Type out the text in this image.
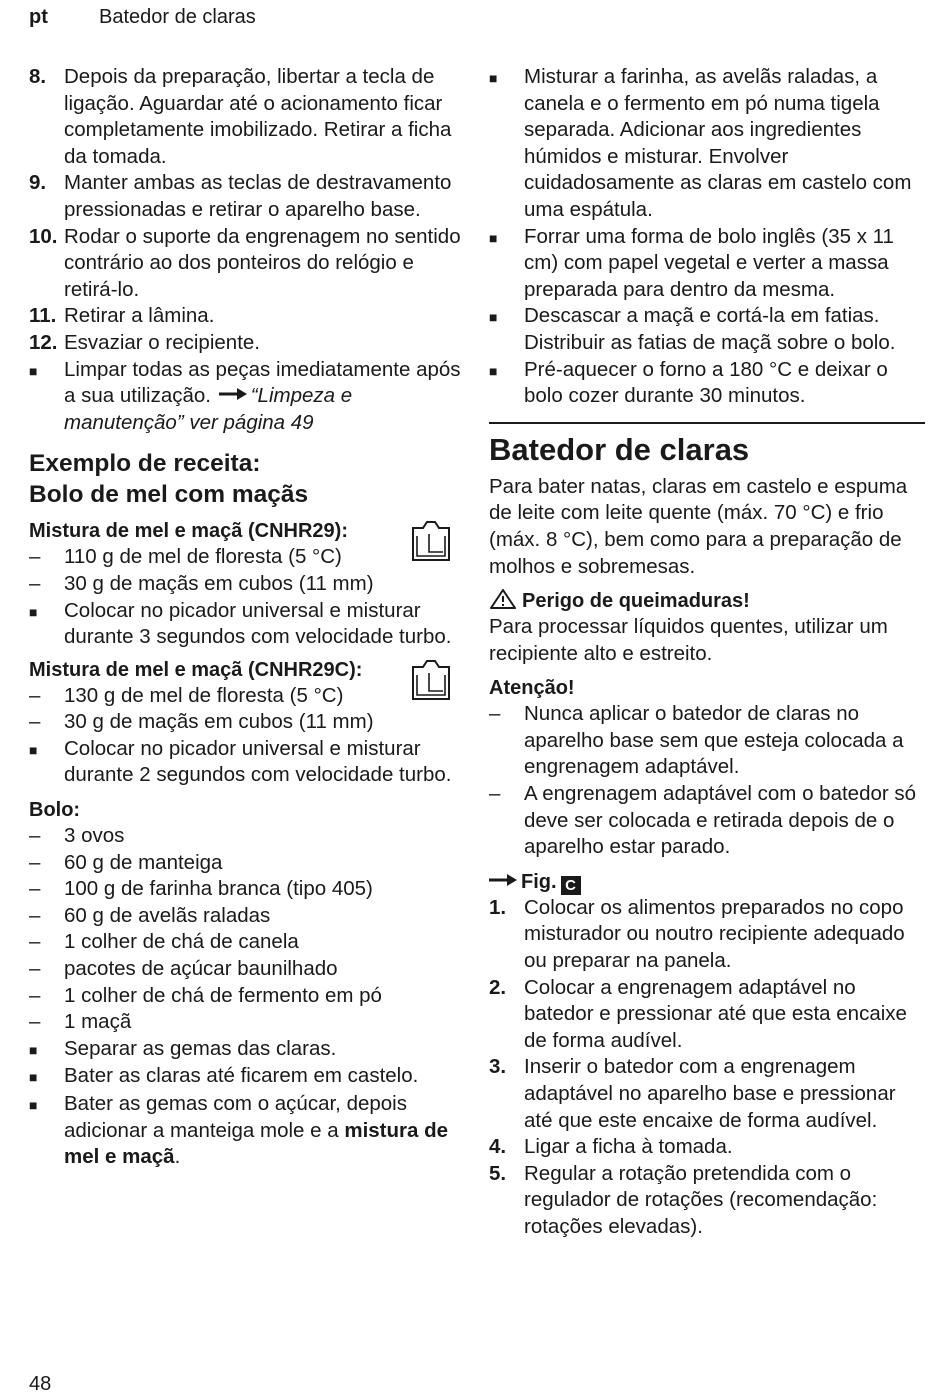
pt	Batedor de claras
8. Depois da preparação, libertar a tecla de ligação. Aguardar até o acionamento ficar completamente imobilizado. Retirar a ficha da tomada.
9. Manter ambas as teclas de destravamento pressionadas e retirar o aparelho base.
10. Rodar o suporte da engrenagem no sentido contrário ao dos ponteiros do relógio e retirá-lo.
11. Retirar a lâmina.
12. Esvaziar o recipiente.
■	Limpar todas as peças imediatamente após a sua utilização. “Limpeza e manutenção” ver página 49
Exemplo de receita:
Bolo de mel com maçãs
Mistura de mel e maçã (CNHR29):
–	110 g de mel de floresta (5 °C)
–	30 g de maçãs em cubos (11 mm)
■	Colocar no picador universal e misturar durante 3 segundos com velocidade turbo.
Mistura de mel e maçã (CNHR29C):
–	130 g de mel de floresta (5 °C)
–	30 g de maçãs em cubos (11 mm)
■	Colocar no picador universal e misturar durante 2 segundos com velocidade turbo.
Bolo:
–	3 ovos
–	60 g de manteiga
–	100 g de farinha branca (tipo 405)
–	60 g de avelãs raladas
–	1 colher de chá de canela
–	pacotes de açúcar baunilhado
–	1 colher de chá de fermento em pó
–	1 maçã
■	Separar as gemas das claras.
■	Bater as claras até ficarem em castelo.
■	Bater as gemas com o açúcar, depois adicionar a manteiga mole e a mistura de mel e maçã.
■	Misturar a farinha, as avelãs raladas, a canela e o fermento em pó numa tigela separada. Adicionar aos ingredientes húmidos e misturar. Envolver cuidadosamente as claras em castelo com uma espátula.
■	Forrar uma forma de bolo inglês (35 x 11 cm) com papel vegetal e verter a massa preparada para dentro da mesma.
■	Descascar a maçã e cortá-la em fatias. Distribuir as fatias de maçã sobre o bolo.
■	Pré-aquecer o forno a 180 °C e deixar o bolo cozer durante 30 minutos.
Batedor de claras
Para bater natas, claras em castelo e espuma de leite com leite quente (máx. 70 °C) e frio (máx. 8 °C), bem como para a preparação de molhos e sobremesas.
Perigo de queimaduras!
Para processar líquidos quentes, utilizar um recipiente alto e estreito.
Atenção!
–	Nunca aplicar o batedor de claras no aparelho base sem que esteja colocada a engrenagem adaptável.
–	A engrenagem adaptável com o batedor só deve ser colocada e retirada depois de o aparelho estar parado.
Fig. C
1. Colocar os alimentos preparados no copo misturador ou noutro recipiente adequado ou preparar na panela.
2. Colocar a engrenagem adaptável no batedor e pressionar até que esta encaixe de forma audível.
3. Inserir o batedor com a engrenagem adaptável no aparelho base e pressionar até que este encaixe de forma audível.
4. Ligar a ficha à tomada.
5. Regular a rotação pretendida com o regulador de rotações (recomendação: rotações elevadas).
48
